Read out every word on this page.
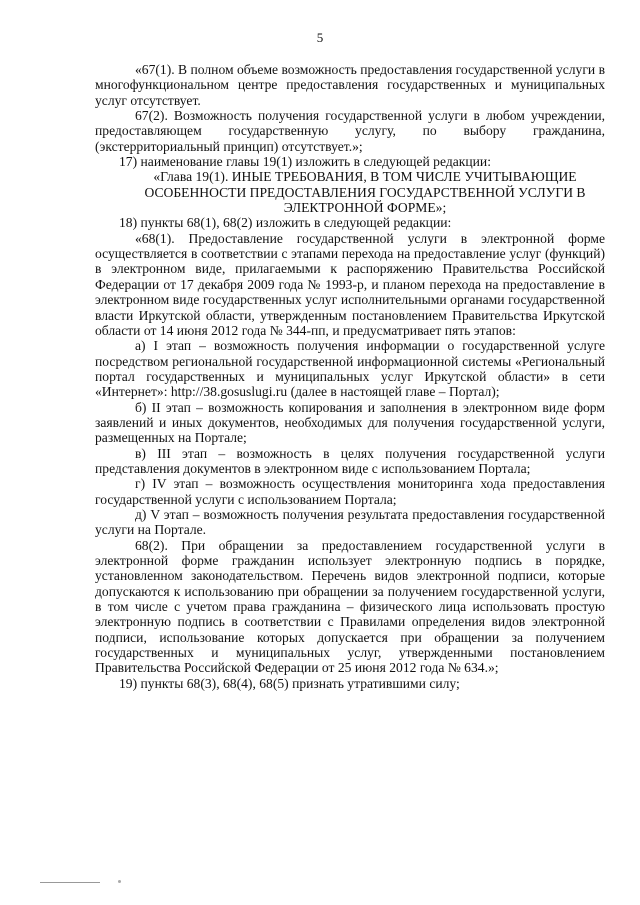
5

«67(1). В полном объеме возможность предоставления государственной услуги в многофункциональном центре предоставления государственных и муниципальных услуг отсутствует.

67(2). Возможность получения государственной услуги в любом учреждении, предоставляющем государственную услугу, по выбору гражданина, (экстерриториальный принцип) отсутствует.»;

17) наименование главы 19(1) изложить в следующей редакции:

«Глава 19(1). ИНЫЕ ТРЕБОВАНИЯ, В ТОМ ЧИСЛЕ УЧИТЫВАЮЩИЕ ОСОБЕННОСТИ ПРЕДОСТАВЛЕНИЯ ГОСУДАРСТВЕННОЙ УСЛУГИ В ЭЛЕКТРОННОЙ ФОРМЕ»;

18) пункты 68(1), 68(2) изложить в следующей редакции:

«68(1). Предоставление государственной услуги в электронной форме осуществляется в соответствии с этапами перехода на предоставление услуг (функций) в электронном виде, прилагаемыми к распоряжению Правительства Российской Федерации от 17 декабря 2009 года № 1993-р, и планом перехода на предоставление в электронном виде государственных услуг исполнительными органами государственной власти Иркутской области, утвержденным постановлением Правительства Иркутской области от 14 июня 2012 года № 344-пп, и предусматривает пять этапов:

а) I этап – возможность получения информации о государственной услуге посредством региональной государственной информационной системы «Региональный портал государственных и муниципальных услуг Иркутской области» в сети «Интернет»: http://38.gosuslugi.ru (далее в настоящей главе – Портал);

б) II этап – возможность копирования и заполнения в электронном виде форм заявлений и иных документов, необходимых для получения государственной услуги, размещенных на Портале;

в) III этап – возможность в целях получения государственной услуги представления документов в электронном виде с использованием Портала;

г) IV этап – возможность осуществления мониторинга хода предоставления государственной услуги с использованием Портала;

д) V этап – возможность получения результата предоставления государственной услуги на Портале.

68(2). При обращении за предоставлением государственной услуги в электронной форме гражданин использует электронную подпись в порядке, установленном законодательством. Перечень видов электронной подписи, которые допускаются к использованию при обращении за получением государственной услуги, в том числе с учетом права гражданина – физического лица использовать простую электронную подпись в соответствии с Правилами определения видов электронной подписи, использование которых допускается при обращении за получением государственных и муниципальных услуг, утвержденными постановлением Правительства Российской Федерации от 25 июня 2012 года № 634.»;

19) пункты 68(3), 68(4), 68(5) признать утратившими силу;
